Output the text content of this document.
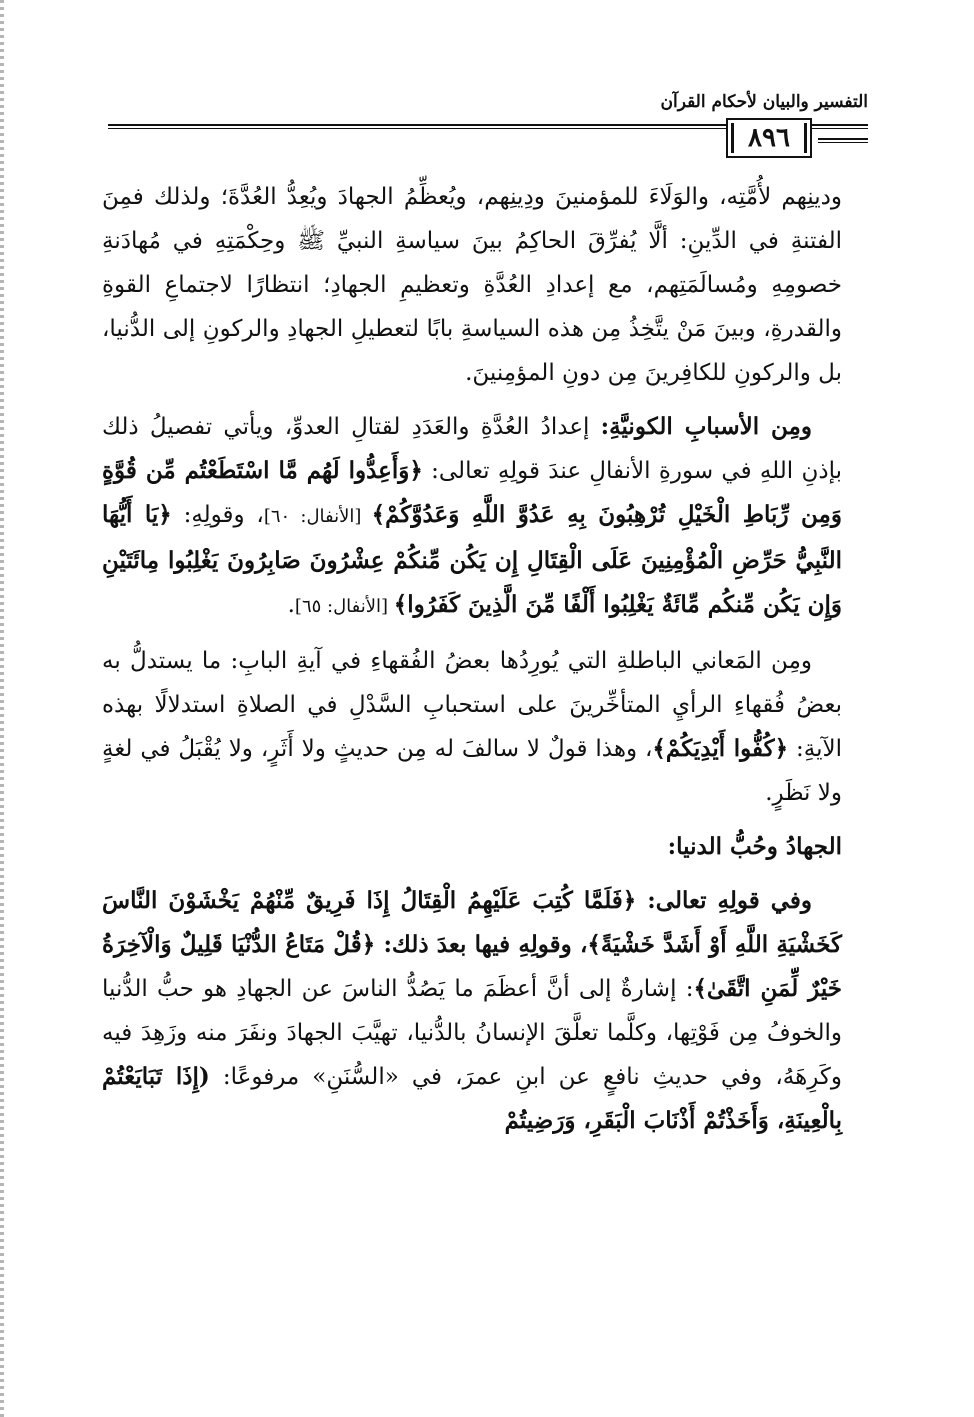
التفسير والبيان لأحكام القرآن
٨٩٦

ودينِهم لأُمَّتِه، والوَلَاءَ للمؤمنينَ ودِينِهم، ويُعظِّمُ الجهادَ ويُعِدُّ العُدَّةَ؛ ولذلك فمِنَ الفتنةِ في الدِّينِ: ألَّا يُفرِّقَ الحاكِمُ بينَ سياسةِ النبيِّ ﷺ وحِكْمَتِهِ في مُهادَنةِ خصومِهِ ومُسالَمَتِهم، مع إعدادِ العُدَّةِ وتعظيمِ الجهادِ؛ انتظارًا لاجتماعِ القوةِ والقدرةِ، وبينَ مَنْ يتَّخِذُ مِن هذه السياسةِ بابًا لتعطيلِ الجهادِ والركونِ إلى الدُّنيا، بل والركونِ للكافِرينَ مِن دونِ المؤمِنينَ.

ومِن الأسبابِ الكونيَّةِ: إعدادُ العُدَّةِ والعَدَدِ لقتالِ العدوِّ، ويأتي تفصيلُ ذلك بإذنِ اللهِ في سورةِ الأنفالِ عندَ قولِهِ تعالى: ﴿وَأَعِدُّوا لَهُم مَّا اسْتَطَعْتُم مِّن قُوَّةٍ وَمِن رِّبَاطِ الْخَيْلِ تُرْهِبُونَ بِهِ عَدُوَّ اللَّهِ وَعَدُوَّكُمْ﴾ [الأنفال: ٦٠]، وقولِهِ: ﴿يَا أَيُّهَا النَّبِيُّ حَرِّضِ الْمُؤْمِنِينَ عَلَى الْقِتَالِ إِن يَكُن مِّنكُمْ عِشْرُونَ صَابِرُونَ يَغْلِبُوا مِائَتَيْنِ وَإِن يَكُن مِّنكُم مِّائَةٌ يَغْلِبُوا أَلْفًا مِّنَ الَّذِينَ كَفَرُوا﴾ [الأنفال: ٦٥].

ومِن المَعاني الباطلةِ التي يُورِدُها بعضُ الفُقهاءِ في آيةِ البابِ: ما يستدلُّ به بعضُ فُقهاءِ الرأيِ المتأخِّرينَ على استحبابِ السَّدْلِ في الصلاةِ استدلالًا بهذه الآيةِ: ﴿كُفُّوا أَيْدِيَكُمْ﴾، وهذا قولٌ لا سالفَ له مِن حديثٍ ولا أَثَرٍ، ولا يُقْبَلُ في لغةٍ ولا نَظَرٍ.

الجهادُ وحُبُّ الدنيا:

وفي قولِهِ تعالى: ﴿فَلَمَّا كُتِبَ عَلَيْهِمُ الْقِتَالُ إِذَا فَرِيقٌ مِّنْهُمْ يَخْشَوْنَ النَّاسَ كَخَشْيَةِ اللَّهِ أَوْ أَشَدَّ خَشْيَةً﴾، وقولِهِ فيها بعدَ ذلك: ﴿قُلْ مَتَاعُ الدُّنْيَا قَلِيلٌ وَالْآخِرَةُ خَيْرٌ لِّمَنِ اتَّقَىٰ﴾: إشارةٌ إلى أنَّ أعظَمَ ما يَصُدُّ الناسَ عن الجهادِ هو حبُّ الدُّنيا والخوفُ مِن فَوْتِها، وكلَّما تعلَّقَ الإنسانُ بالدُّنيا، تهيَّبَ الجهادَ ونفَرَ منه وزَهِدَ فيه وكَرِهَهُ، وفي حديثِ نافعٍ عن ابنِ عمرَ، في «السُّنَنِ» مرفوعًا: (إِذَا تَبَايَعْتُمْ بِالْعِينَةِ، وَأَخَذْتُمْ أَذْنَابَ الْبَقَرِ، وَرَضِيتُمْ
